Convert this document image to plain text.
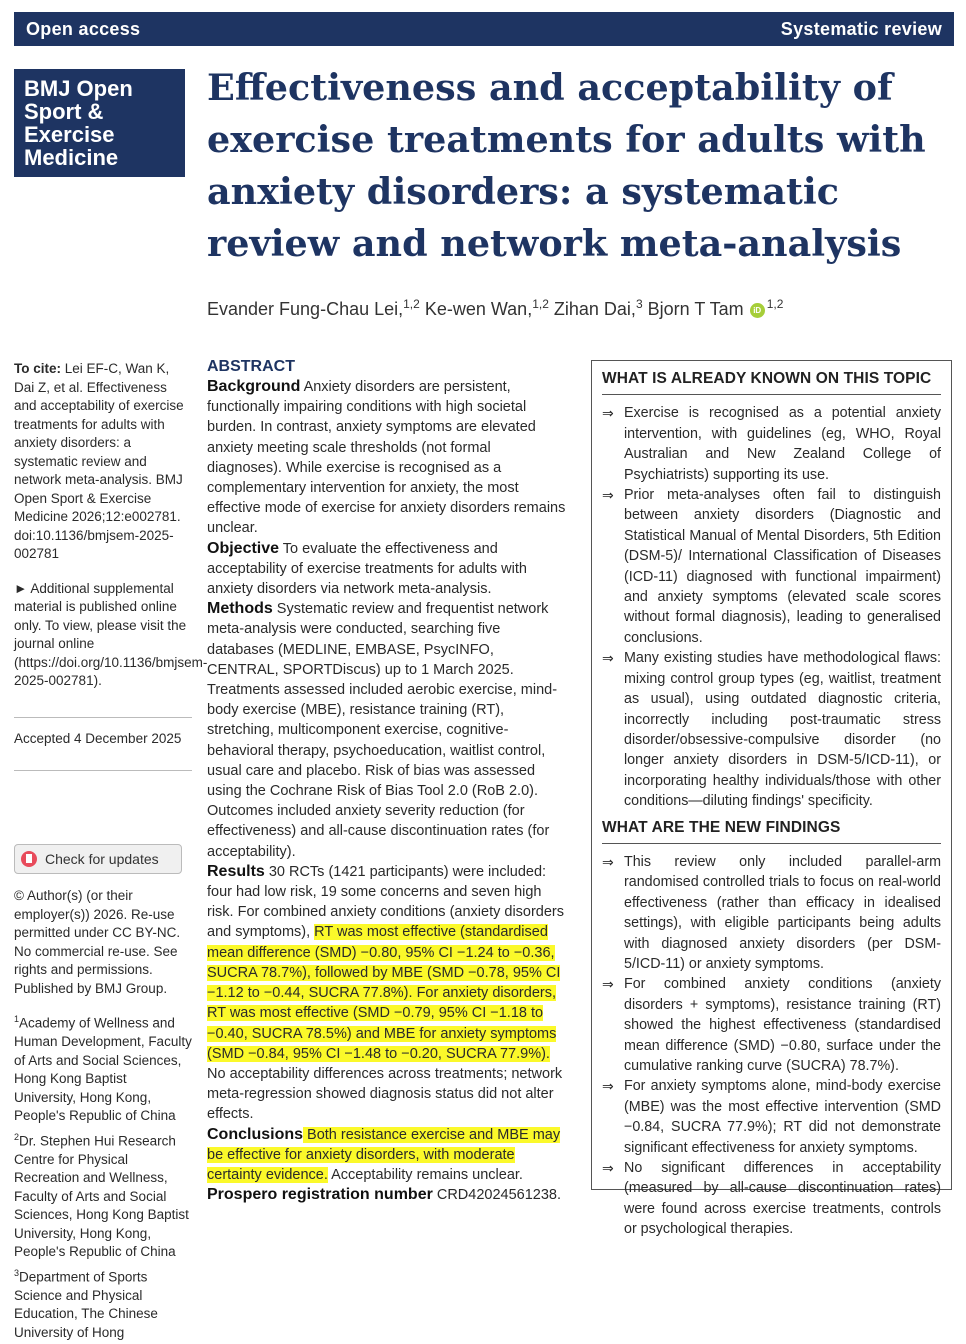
Open access	Systematic review
BMJ Open
Sport &
Exercise
Medicine
Effectiveness and acceptability of exercise treatments for adults with anxiety disorders: a systematic review and network meta-analysis
Evander Fung-Chau Lei,$^{1,2}$ Ke-wen Wan,$^{1,2}$ Zihan Dai,$^3$ Bjorn T Tam iD $^{1,2}$

To cite: Lei EF-C, Wan K, Dai Z, et al. Effectiveness and acceptability of exercise treatments for adults with anxiety disorders: a systematic review and network meta-analysis. BMJ Open Sport & Exercise Medicine 2026;12:e002781. doi:10.1136/bmjsem-2025-002781

► Additional supplemental material is published online only. To view, please visit the journal online (https://doi.org/10.1136/bmjsem-2025-002781).

Accepted 4 December 2025

Check for updates

© Author(s) (or their employer(s)) 2026. Re-use permitted under CC BY-NC. No commercial re-use. See rights and permissions. Published by BMJ Group.

$^1$Academy of Wellness and Human Development, Faculty of Arts and Social Sciences, Hong Kong Baptist University, Hong Kong, People's Republic of China

$^2$Dr. Stephen Hui Research Centre for Physical Recreation and Wellness, Faculty of Arts and Social Sciences, Hong Kong Baptist University, Hong Kong, People's Republic of China

$^3$Department of Sports Science and Physical Education, The Chinese University of Hong

ABSTRACT

Background Anxiety disorders are persistent, functionally impairing conditions with high societal burden. In contrast, anxiety symptoms are elevated anxiety meeting scale thresholds (not formal diagnoses). While exercise is recognised as a complementary intervention for anxiety, the most effective mode of exercise for anxiety disorders remains unclear.

Objective To evaluate the effectiveness and acceptability of exercise treatments for adults with anxiety disorders via network meta-analysis.

Methods Systematic review and frequentist network meta-analysis were conducted, searching five databases (MEDLINE, EMBASE, PsycINFO, CENTRAL, SPORTDiscus) up to 1 March 2025. Treatments assessed included aerobic exercise, mind-body exercise (MBE), resistance training (RT), stretching, multicomponent exercise, cognitive-behavioral therapy, psychoeducation, waitlist control, usual care and placebo. Risk of bias was assessed using the Cochrane Risk of Bias Tool 2.0 (RoB 2.0). Outcomes included anxiety severity reduction (for effectiveness) and all-cause discontinuation rates (for acceptability).

Results 30 RCTs (1421 participants) were included: four had low risk, 19 some concerns and seven high risk. For combined anxiety conditions (anxiety disorders and symptoms), RT was most effective (standardised mean difference (SMD) −0.80, 95% CI −1.24 to −0.36, SUCRA 78.7%), followed by MBE (SMD −0.78, 95% CI −1.12 to −0.44, SUCRA 77.8%). For anxiety disorders, RT was most effective (SMD −0.79, 95% CI −1.18 to −0.40, SUCRA 78.5%) and MBE for anxiety symptoms (SMD −0.84, 95% CI −1.48 to −0.20, SUCRA 77.9%). No acceptability differences across treatments; network meta-regression showed diagnosis status did not alter effects.

Conclusions Both resistance exercise and MBE may be effective for anxiety disorders, with moderate certainty evidence. Acceptability remains unclear.

Prospero registration number CRD42024561238.

WHAT IS ALREADY KNOWN ON THIS TOPIC
⇒ Exercise is recognised as a potential anxiety intervention, with guidelines (eg, WHO, Royal Australian and New Zealand College of Psychiatrists) supporting its use.
⇒ Prior meta-analyses often fail to distinguish between anxiety disorders (Diagnostic and Statistical Manual of Mental Disorders, 5th Edition (DSM-5)/ International Classification of Diseases (ICD-11) diagnosed with functional impairment) and anxiety symptoms (elevated scale scores without formal diagnosis), leading to generalised conclusions.
⇒ Many existing studies have methodological flaws: mixing control group types (eg, waitlist, treatment as usual), using outdated diagnostic criteria, incorrectly including post-traumatic stress disorder/obsessive-compulsive disorder (no longer anxiety disorders in DSM-5/ICD-11), or incorporating healthy individuals/those with other conditions—diluting findings' specificity.
WHAT ARE THE NEW FINDINGS
⇒ This review only included parallel-arm randomised controlled trials to focus on real-world effectiveness (rather than efficacy in idealised settings), with eligible participants being adults with diagnosed anxiety disorders (per DSM-5/ICD-11) or anxiety symptoms.
⇒ For combined anxiety conditions (anxiety disorders + symptoms), resistance training (RT) showed the highest effectiveness (standardised mean difference (SMD) −0.80, surface under the cumulative ranking curve (SUCRA) 78.7%).
⇒ For anxiety symptoms alone, mind-body exercise (MBE) was the most effective intervention (SMD −0.84, SUCRA 77.9%); RT did not demonstrate significant effectiveness for anxiety symptoms.
⇒ No significant differences in acceptability (measured by all-cause discontinuation rates) were found across exercise treatments, controls or psychological therapies.
